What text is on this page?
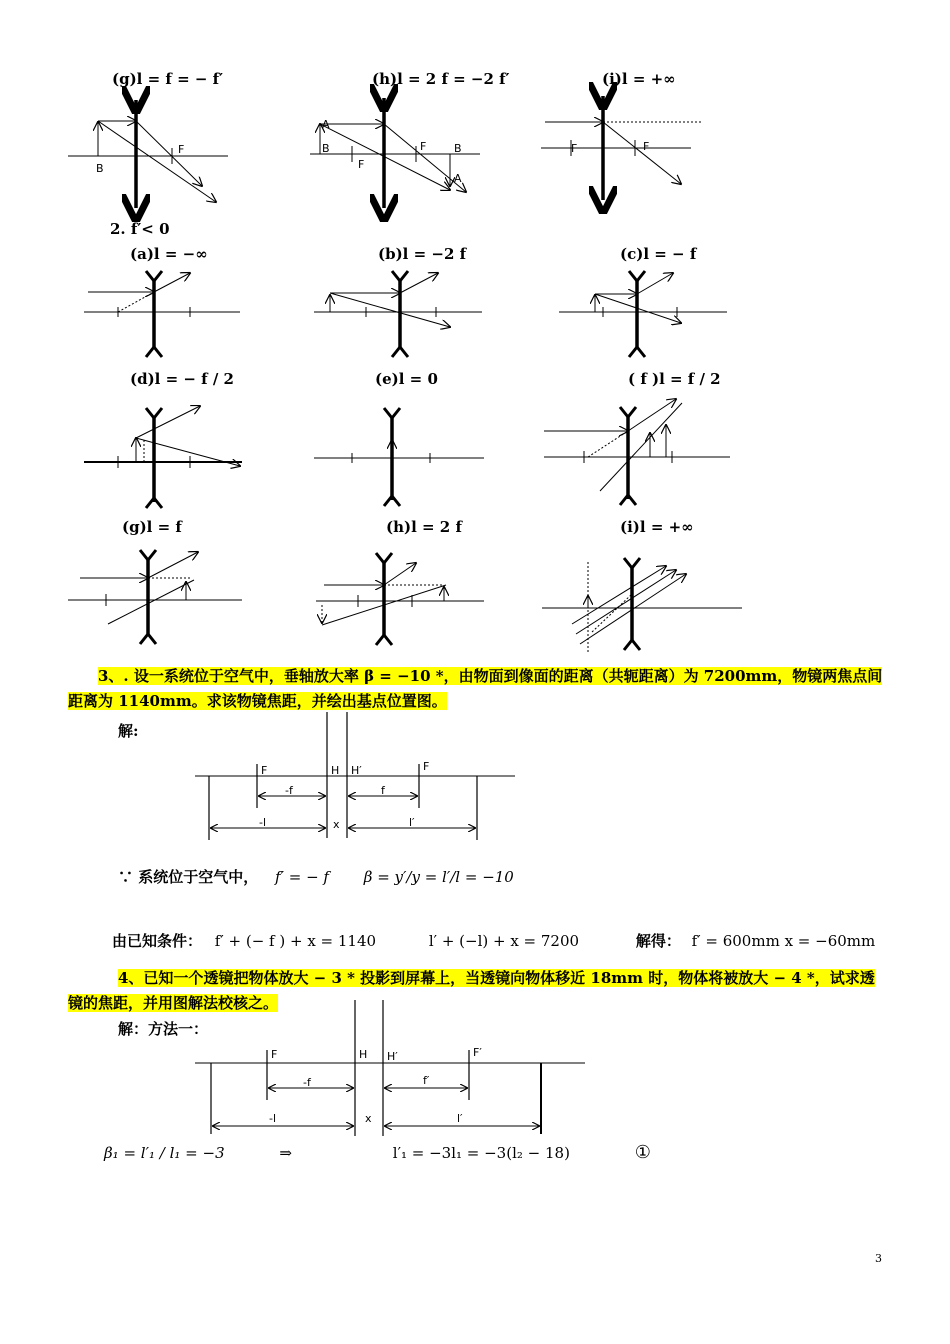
(g)l = f = − f′	(h)l = 2 f = −2 f′	(i)l = +∞
F
B
A
B
F
F	B
A
F	F
2. f′< 0
(a)l = −∞	(b)l = −2 f	(c)l = − f
(d)l = − f / 2	(e)l = 0	( f )l = f / 2
(g)l = f	(h)l = 2 f	(i)l = +∞
3、. 设一系统位于空气中，垂轴放大率 β = −10 *，由物面到像面的距离（共轭距离）为 7200mm，物镜两焦点间距离为 1140mm。求该物镜焦距，并绘出基点位置图。
解:
F	H H′	F
-f	f
-l	x	l′
∵ 系统位于空气中， f′ = − f β = y′/y = l′/l = −10
由已知条件： f′ + (− f ) + x = 1140	l′ + (−l) + x = 7200	解得： f′ = 600mm x = −60mm
4、已知一个透镜把物体放大 − 3 * 投影到屏幕上，当透镜向物体移近 18mm 时，物体将被放大 − 4 *，试求透镜的焦距，并用图解法校核之。
解：方法一：
F	H H′	F′
-f	f′
-l	x	l′
β₁ = l′₁ / l₁ = −3	⇒	l′₁ = −3l₁ = −3(l₂ − 18)	①
3
